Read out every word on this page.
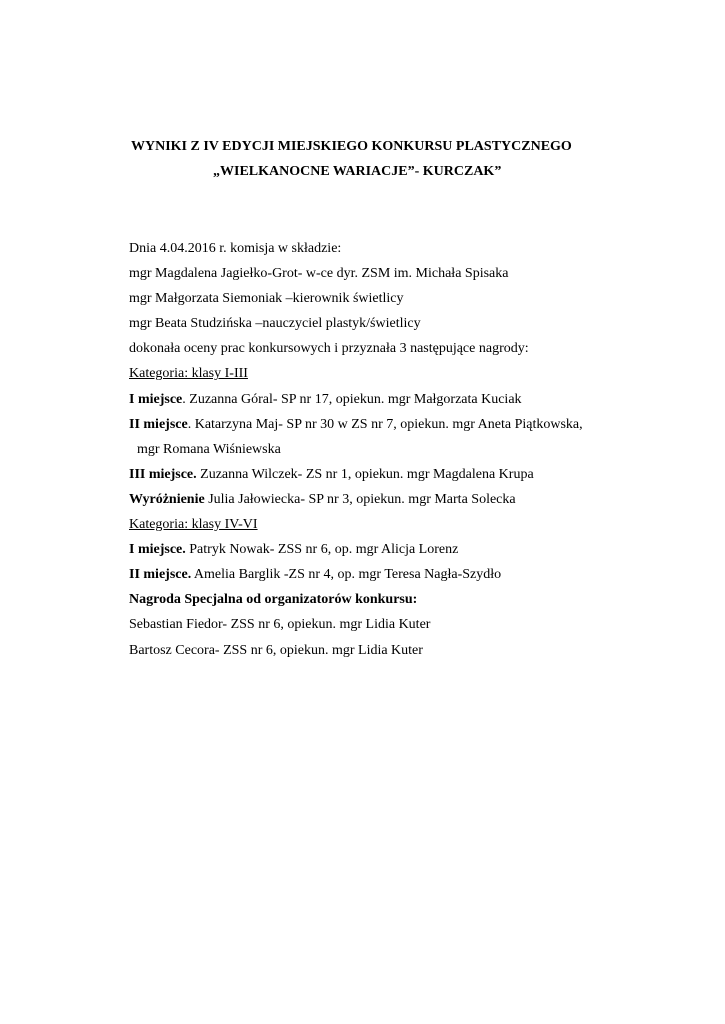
WYNIKI Z IV EDYCJI MIEJSKIEGO KONKURSU PLASTYCZNEGO
„WIELKANOCNE WARIACJE”- KURCZAK”
Dnia 4.04.2016 r. komisja w składzie:
mgr Magdalena Jagiełko-Grot- w-ce dyr. ZSM im. Michała Spisaka
mgr Małgorzata Siemoniak –kierownik świetlicy
mgr Beata Studzińska –nauczyciel plastyk/świetlicy
dokonała oceny prac konkursowych i przyznała 3 następujące nagrody:
Kategoria: klasy I-III
I miejsce. Zuzanna Góral- SP nr 17, opiekun. mgr Małgorzata Kuciak
II miejsce. Katarzyna Maj- SP nr 30 w ZS nr 7, opiekun. mgr Aneta Piątkowska,
mgr Romana Wiśniewska
III miejsce. Zuzanna Wilczek- ZS nr 1, opiekun. mgr Magdalena Krupa
Wyróżnienie Julia Jałowiecka- SP nr 3, opiekun. mgr Marta Solecka
Kategoria: klasy IV-VI
I miejsce. Patryk Nowak- ZSS nr 6, op. mgr Alicja Lorenz
II miejsce. Amelia Barglik -ZS nr 4, op. mgr Teresa Nagła-Szydło
Nagroda Specjalna od organizatorów konkursu:
Sebastian Fiedor- ZSS nr 6, opiekun. mgr Lidia Kuter
Bartosz Cecora- ZSS nr 6, opiekun. mgr Lidia Kuter
